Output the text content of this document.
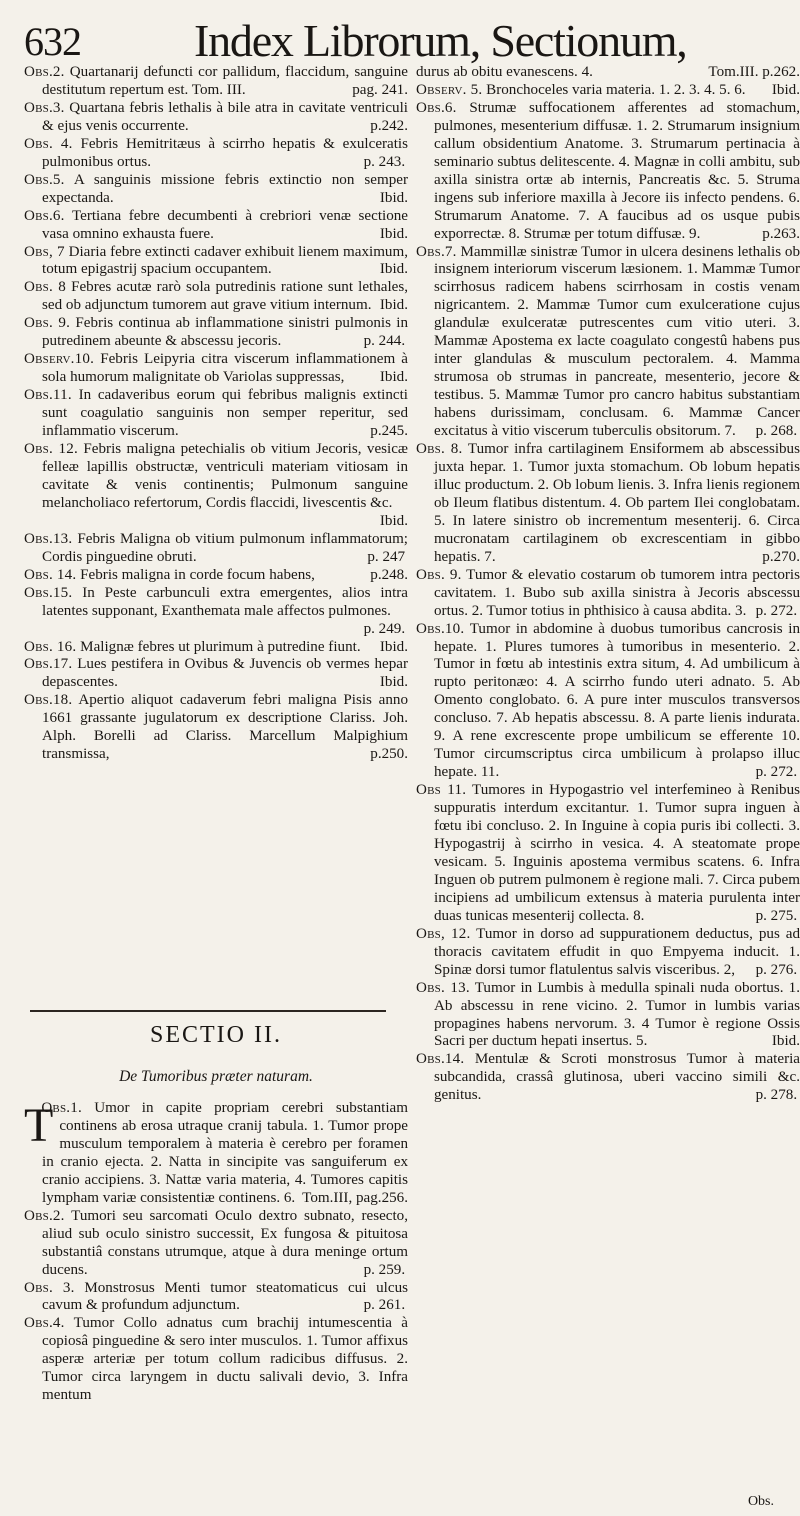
632 Index Librorum, Sectionum,

Obs.2. Quartanarij defuncti cor pallidum, flaccidum, sanguine destitutum repertum est. Tom. III.	pag. 241.

Obs.3. Quartana febris lethalis à bile atra in cavitate ventriculi & ejus venis occurrente.	p.242.

Obs. 4. Febris Hemitritæus à scirrho hepatis & exulceratis pulmonibus ortus.	p. 243.

Obs.5. A sanguinis missione febris extinctio non semper expectanda.	Ibid.

Obs.6. Tertiana febre decumbenti à crebriori venæ sectione vasa omnino exhausta fuere.	Ibid.

Obs, 7 Diaria febre extincti cadaver exhibuit lienem maximum, totum epigastrij spacium occupantem.	Ibid.

Obs. 8 Febres acutæ rarò sola putredinis ratione sunt lethales, sed ob adjunctum tumorem aut grave vitium internum. Ibid.

Obs. 9. Febris continua ab inflammatione sinistri pulmonis in putredinem abeunte & abscessu jecoris.	p. 244.

Observ.10. Febris Leipyria citra viscerum inflammationem à sola humorum malignitate ob Variolas suppressas, Ibid.

Obs.11. In cadaveribus eorum qui febribus malignis extincti sunt coagulatio sanguinis non semper reperitur, sed inflammatio viscerum.	p.245.

Obs. 12. Febris maligna petechialis ob vitium Jecoris, vesicæ felleæ lapillis obstructæ, ventriculi materiam vitiosam in cavitate & venis continentis; Pulmonum sanguine melancholiaco refertorum, Cordis flaccidi, livescentis &c.
Ibid.

Obs.13. Febris Maligna ob vitium pulmonum inflammatorum; Cordis pinguedine obruti.	p. 247

Obs. 14. Febris maligna in corde focum habens,	p.248.

Obs.15. In Peste carbunculi extra emergentes, alios intra latentes supponant, Exanthemata male affectos pulmones.
p. 249.

Obs. 16. Malignæ febres ut plurimum à putredine fiunt. Ibid.

Obs.17. Lues pestifera in Ovibus & Juvencis ob vermes hepar depascentes.	Ibid.

Obs.18. Apertio aliquot cadaverum febri maligna Pisis anno 1661 grassante jugulatorum ex descriptione Clariss. Joh. Alph. Borelli ad Clariss. Marcellum Malpighium transmissa,	p.250.

SECTIO II.
De Tumoribus præter naturam.

T
Obs.1. Umor in capite propriam cerebri substantiam continens ab erosa utraque cranij tabula. 1. Tumor prope musculum temporalem à materia è cerebro per foramen in cranio ejecta. 2. Natta in sincipite vas sanguiferum ex cranio accipiens. 3. Nattæ varia materia, 4. Tumores capitis lympham variæ consistentiæ continens. 6. Tom.III, pag.256.

Obs.2. Tumori seu sarcomati Oculo dextro subnato, resecto, aliud sub oculo sinistro successit, Ex fungosa & pituitosa substantiâ constans utrumque, atque à dura meninge ortum ducens.	p. 259.

Obs. 3. Monstrosus Menti tumor steatomaticus cui ulcus cavum & profundum adjunctum.	p. 261.

Obs.4. Tumor Collo adnatus cum brachij intumescentia à copiosâ pinguedine & sero inter musculos. 1. Tumor affixus asperæ arteriæ per totum collum radicibus diffusus. 2. Tumor circa laryngem in ductu salivali devio, 3. Infra mentum

durus ab obitu evanescens. 4.	Tom.III. p.262.

Observ. 5. Bronchoceles varia materia. 1. 2. 3. 4. 5. 6. Ibid.

Obs.6. Strumæ suffocationem afferentes ad stomachum, pulmones, mesenterium diffusæ. 1. 2. Strumarum insignium callum obsidentium Anatome. 3. Strumarum pertinacia à seminario subtus delitescente. 4. Magnæ in colli ambitu, sub axilla sinistra ortæ ab internis, Pancreatis &c. 5. Struma ingens sub inferiore maxilla à Jecore iis infecto pendens. 6. Strumarum Anatome. 7. A faucibus ad os usque pubis exporrectæ. 8. Strumæ per totum diffusæ. 9.	p.263.

Obs.7. Mammillæ sinistræ Tumor in ulcera desinens lethalis ob insignem interiorum viscerum læsionem. 1. Mammæ Tumor scirrhosus radicem habens scirrhosam in costis venam nigricantem. 2. Mammæ Tumor cum exulceratione cujus glandulæ exulceratæ putrescentes cum vitio uteri. 3. Mammæ Apostema ex lacte coagulato congestû habens pus inter glandulas & musculum pectoralem. 4. Mamma strumosa ob strumas in pancreate, mesenterio, jecore & testibus. 5. Mammæ Tumor pro cancro habitus substantiam habens durissimam, conclusam. 6. Mammæ Cancer excitatus à vitio viscerum tuberculis obsitorum. 7. p. 268.

Obs. 8. Tumor infra cartilaginem Ensiformem ab abscessibus juxta hepar. 1. Tumor juxta stomachum. Ob lobum hepatis illuc productum. 2. Ob lobum lienis. 3. Infra lienis regionem ob Ileum flatibus distentum. 4. Ob partem Ilei conglobatam. 5. In latere sinistro ob incrementum mesenterij. 6. Circa mucronatam cartilaginem ob excrescentiam in gibbo hepatis. 7.	p.270.

Obs. 9. Tumor & elevatio costarum ob tumorem intra pectoris cavitatem. 1. Bubo sub axilla sinistra à Jecoris abscessu ortus. 2. Tumor totius in phthisico à causa abdita. 3. p. 272.

Obs.10. Tumor in abdomine à duobus tumoribus cancrosis in hepate. 1. Plures tumores à tumoribus in mesenterio. 2. Tumor in fœtu ab intestinis extra situm, 4. Ad umbilicum à rupto peritonæo: 4. A scirrho fundo uteri adnato. 5. Ab Omento conglobato. 6. A pure inter musculos transversos concluso. 7. Ab hepatis abscessu. 8. A parte lienis indurata. 9. A rene excrescente prope umbilicum se efferente 10. Tumor circumscriptus circa umbilicum à prolapso illuc hepate. 11.	p. 272.

Obs 11. Tumores in Hypogastrio vel interfemineo à Renibus suppuratis interdum excitantur. 1. Tumor supra inguen à fœtu ibi concluso. 2. In Inguine à copia puris ibi collecti. 3. Hypogastrij à scirrho in vesica. 4. A steatomate prope vesicam. 5. Inguinis apostema vermibus scatens. 6. Infra Inguen ob putrem pulmonem è regione mali. 7. Circa pubem incipiens ad umbilicum extensus à materia purulenta inter duas tunicas mesenterij collecta. 8.	p. 275.

Obs, 12. Tumor in dorso ad suppurationem deductus, pus ad thoracis cavitatem effudit in quo Empyema inducit. 1. Spinæ dorsi tumor flatulentus salvis visceribus. 2, p. 276.

Obs. 13. Tumor in Lumbis à medulla spinali nuda obortus. 1. Ab abscessu in rene vicino. 2. Tumor in lumbis varias propagines habens nervorum. 3. 4 Tumor è regione Ossis Sacri per ductum hepati insertus. 5.	Ibid.

Obs.14. Mentulæ & Scroti monstrosus Tumor à materia subcandida, crassâ glutinosa, uberi vaccino simili &c. genitus.	p. 278.

Obs.
